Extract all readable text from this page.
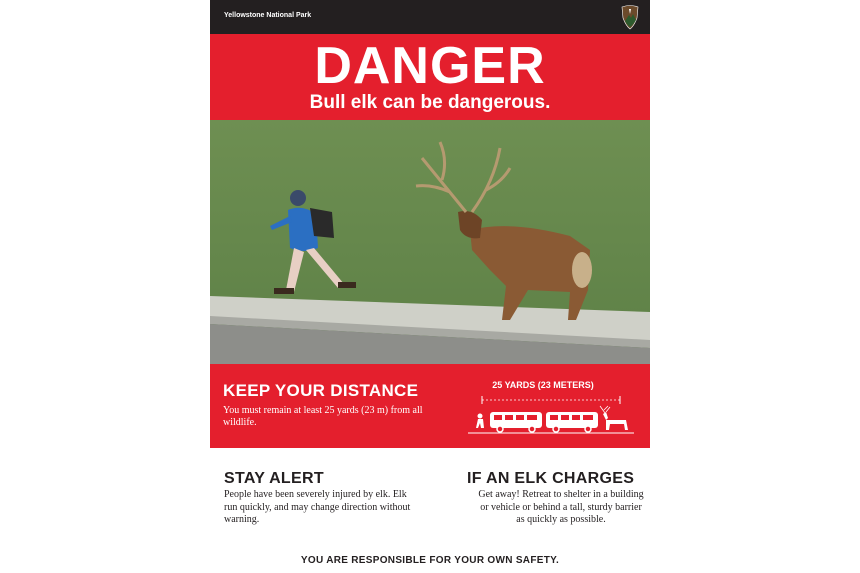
Yellowstone National Park
DANGER
Bull elk can be dangerous.
KEEP YOUR DISTANCE
You must remain at least 25 yards (23 m) from all wildlife.
25 YARDS (23 METERS)
STAY ALERT
People have been severely injured by elk. Elk run quickly, and may change direction without warning.
IF AN ELK CHARGES
Get away! Retreat to shelter in a building or vehicle or behind a tall, sturdy barrier as quickly as possible.
YOU ARE RESPONSIBLE FOR YOUR OWN SAFETY.
